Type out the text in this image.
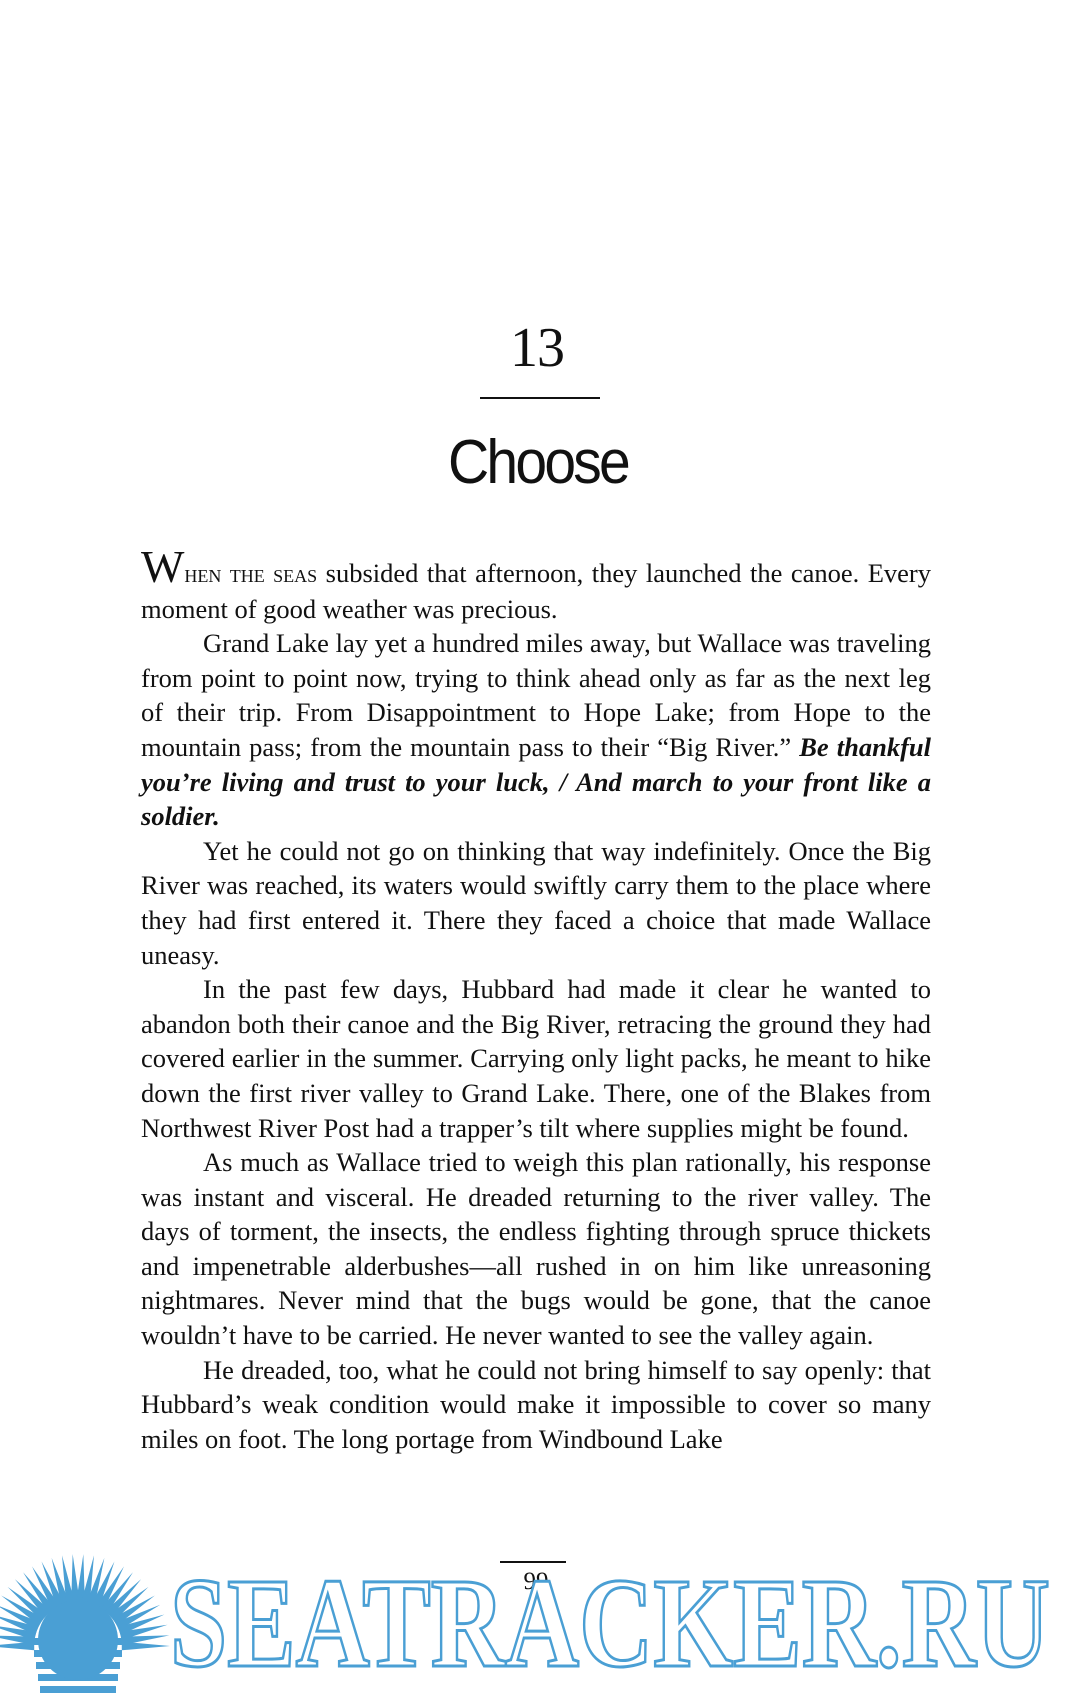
13
Choose

When the seas subsided that afternoon, they launched the canoe. Every moment of good weather was precious.

Grand Lake lay yet a hundred miles away, but Wallace was traveling from point to point now, trying to think ahead only as far as the next leg of their trip. From Disappointment to Hope Lake; from Hope to the mountain pass; from the mountain pass to their “Big River.” Be thankful you’re living and trust to your luck, / And march to your front like a soldier.

Yet he could not go on thinking that way indefinitely. Once the Big River was reached, its waters would swiftly carry them to the place where they had first entered it. There they faced a choice that made Wallace uneasy.

In the past few days, Hubbard had made it clear he wanted to abandon both their canoe and the Big River, retracing the ground they had covered earlier in the summer. Carrying only light packs, he meant to hike down the first river valley to Grand Lake. There, one of the Blakes from Northwest River Post had a trapper’s tilt where supplies might be found.

As much as Wallace tried to weigh this plan rationally, his response was instant and visceral. He dreaded returning to the river valley. The days of torment, the insects, the endless fighting through spruce thickets and impenetrable alderbushes—all rushed in on him like unreasoning nightmares. Never mind that the bugs would be gone, that the canoe wouldn’t have to be carried. He never wanted to see the valley again.

He dreaded, too, what he could not bring himself to say openly: that Hubbard’s weak condition would make it impossible to cover so many miles on foot. The long portage from Windbound Lake

99
SEATRACKER.RU
